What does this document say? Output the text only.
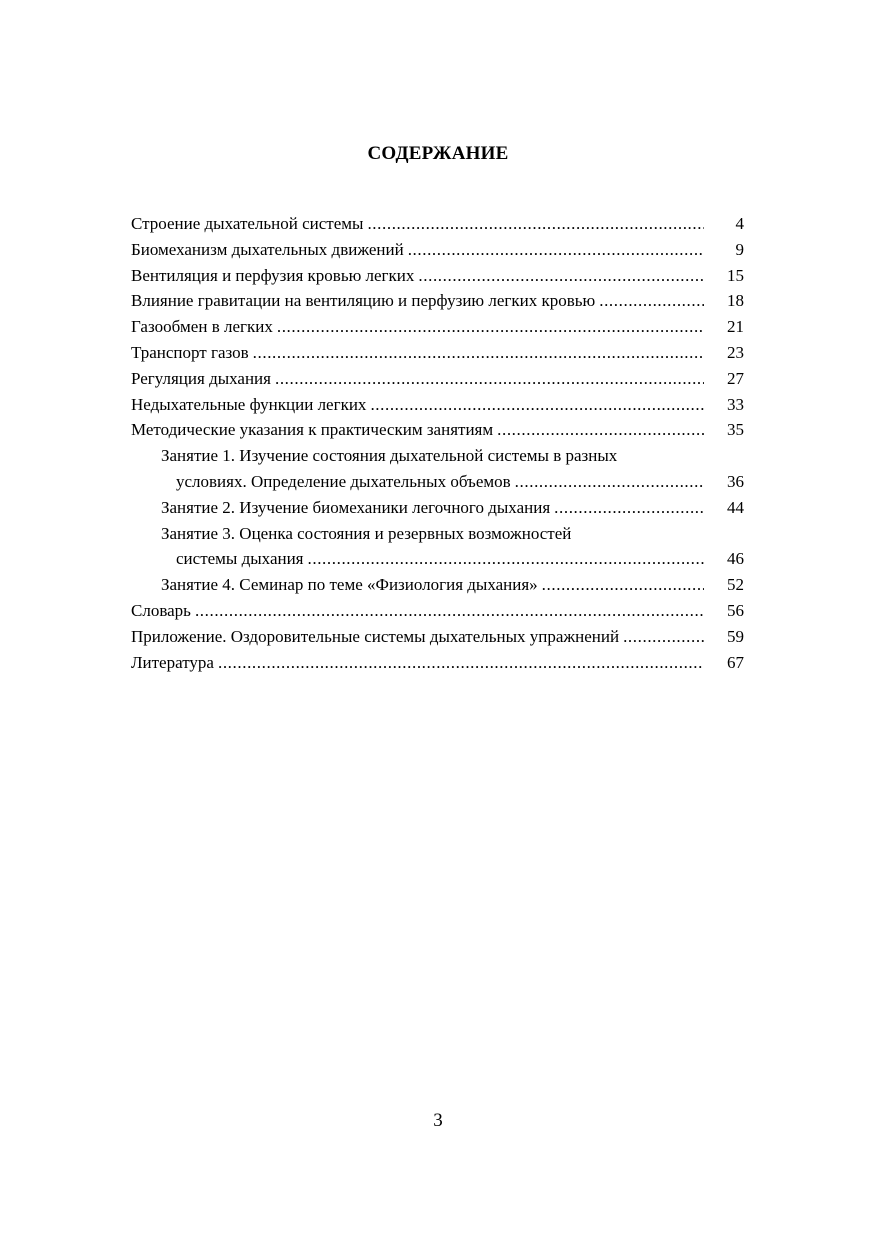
СОДЕРЖАНИЕ
Строение дыхательной системы .....	4
Биомеханизм дыхательных движений .....	9
Вентиляция и перфузия кровью легких .....	15
Влияние гравитации на вентиляцию и перфузию легких кровью .....	18
Газообмен в легких .....	21
Транспорт газов .....	23
Регуляция дыхания .....	27
Недыхательные функции легких .....	33
Методические указания к практическим занятиям .....	35
Занятие 1. Изучение состояния дыхательной системы в разных
условиях. Определение дыхательных объемов .....	36
Занятие 2. Изучение биомеханики легочного дыхания .....	44
Занятие 3. Оценка состояния и резервных возможностей
системы дыхания .....	46
Занятие 4. Семинар по теме «Физиология дыхания» .....	52
Словарь .....	56
Приложение. Оздоровительные системы дыхательных упражнений .....	59
Литература .....	67
3
